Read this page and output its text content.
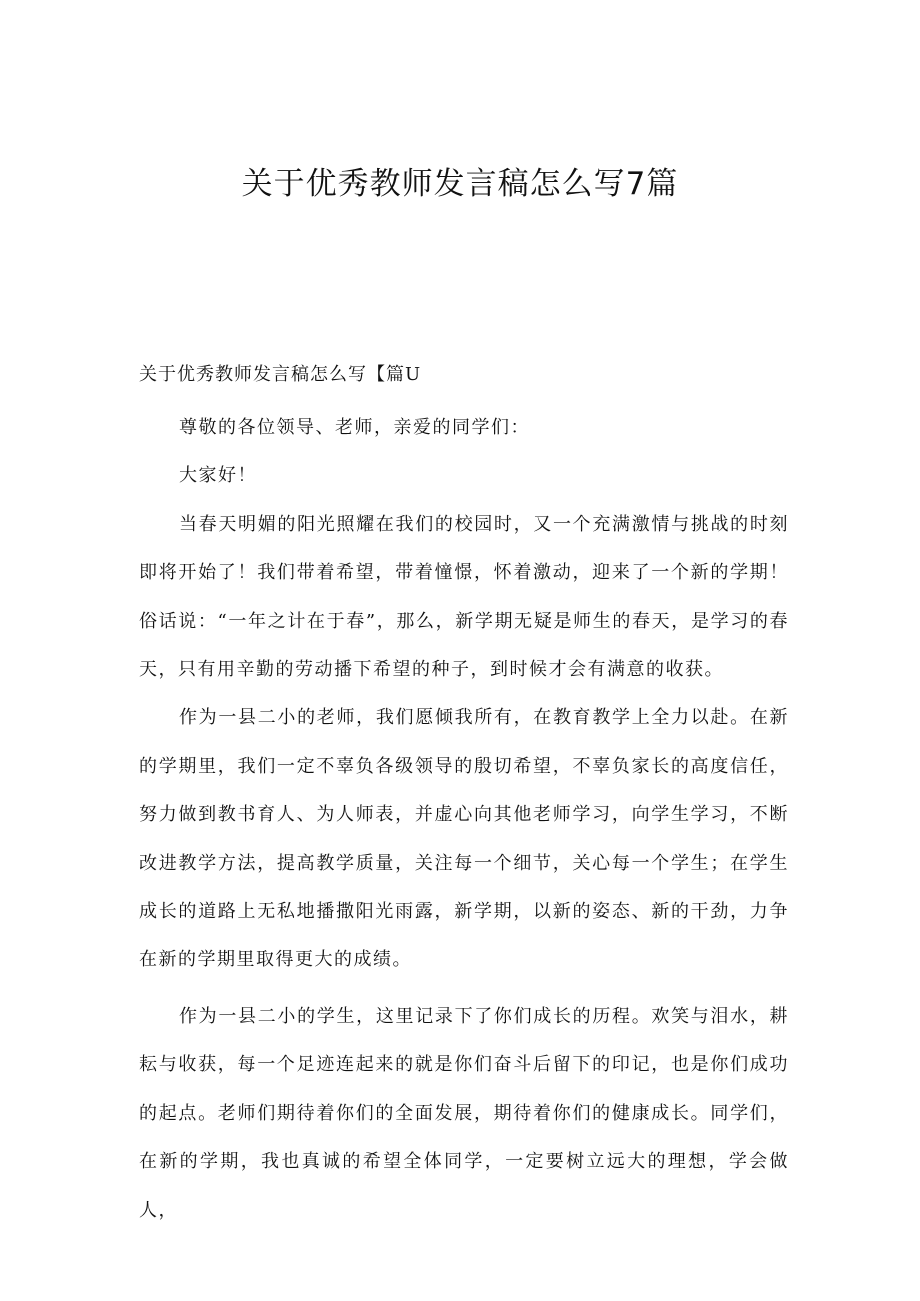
关于优秀教师发言稿怎么写7篇

关于优秀教师发言稿怎么写【篇U

尊敬的各位领导、老师，亲爱的同学们：

大家好！

当春天明媚的阳光照耀在我们的校园时，又一个充满激情与挑战的时刻即将开始了！我们带着希望，带着憧憬，怀着激动，迎来了一个新的学期！俗话说：“一年之计在于春”，那么，新学期无疑是师生的春天，是学习的春天，只有用辛勤的劳动播下希望的种子，到时候才会有满意的收获。

作为一县二小的老师，我们愿倾我所有，在教育教学上全力以赴。在新的学期里，我们一定不辜负各级领导的殷切希望，不辜负家长的高度信任，努力做到教书育人、为人师表，并虚心向其他老师学习，向学生学习，不断改进教学方法，提高教学质量，关注每一个细节，关心每一个学生；在学生成长的道路上无私地播撒阳光雨露，新学期，以新的姿态、新的干劲，力争在新的学期里取得更大的成绩。

作为一县二小的学生，这里记录下了你们成长的历程。欢笑与泪水，耕耘与收获，每一个足迹连起来的就是你们奋斗后留下的印记，也是你们成功的起点。老师们期待着你们的全面发展，期待着你们的健康成长。同学们，在新的学期，我也真诚的希望全体同学，一定要树立远大的理想，学会做人，
